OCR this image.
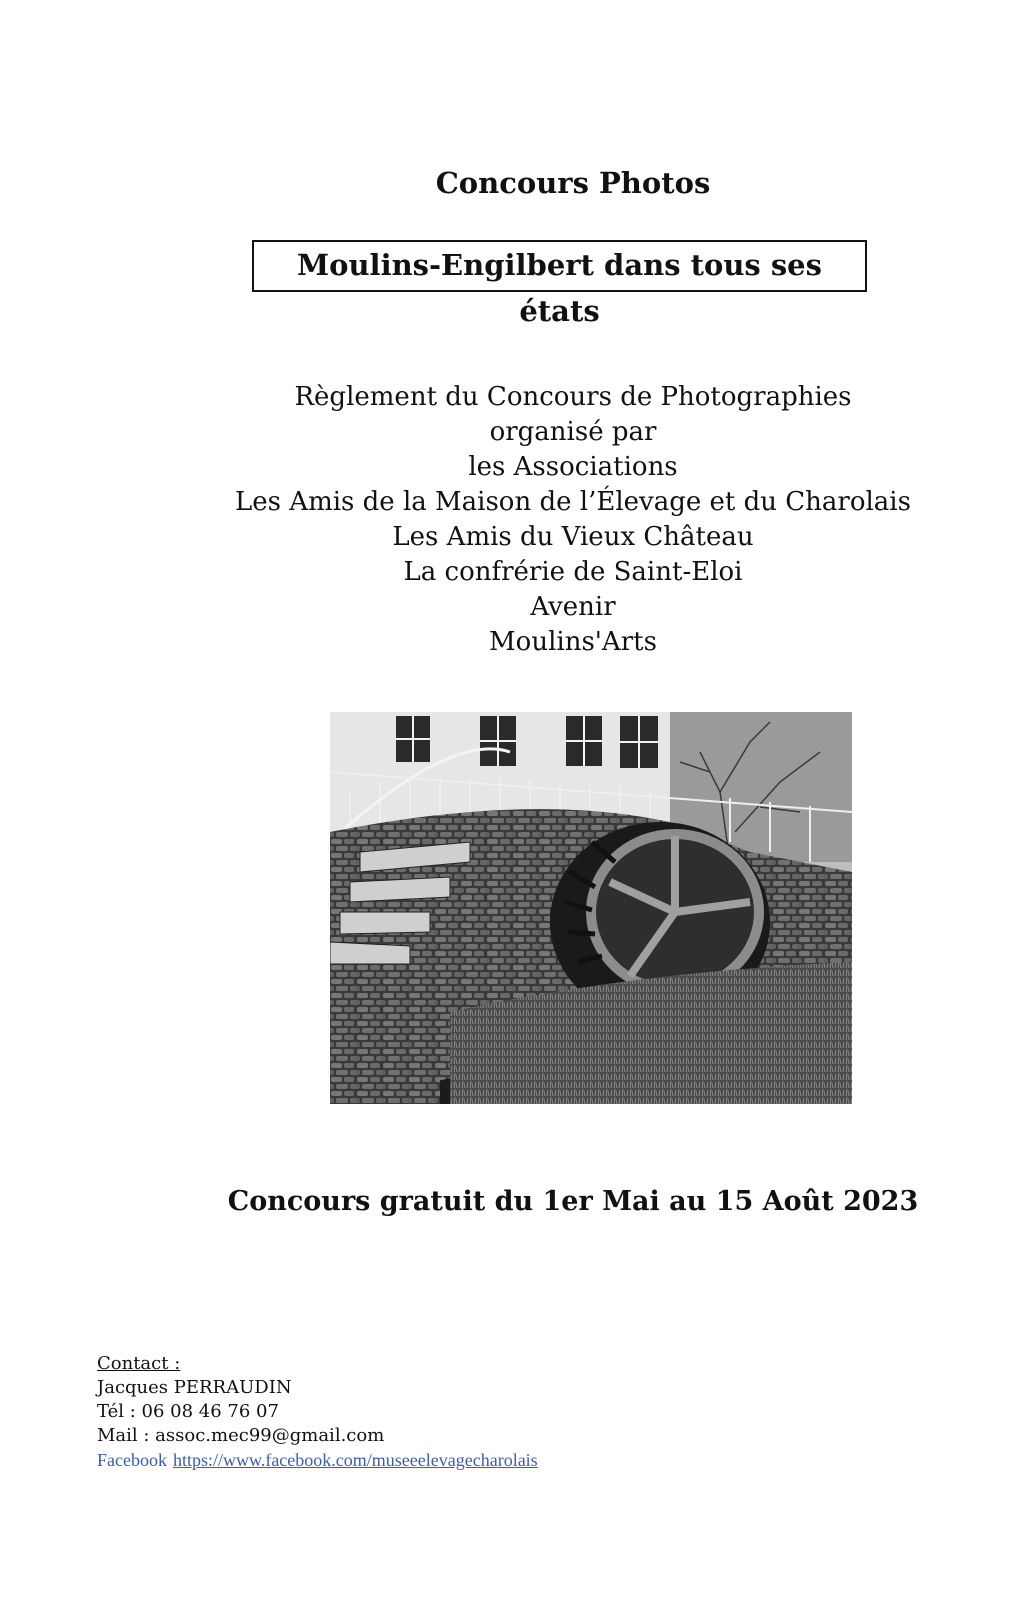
Concours Photos
Moulins-Engilbert dans tous ses états
Règlement du Concours de Photographies
organisé par
les Associations
Les Amis de la Maison de l’Élevage et du Charolais
Les Amis du Vieux Château
La confrérie de Saint-Eloi
Avenir
Moulins'Arts
Concours gratuit du 1er Mai au 15 Août 2023
Contact :
Jacques PERRAUDIN
Tél : 06 08 46 76 07
Mail : assoc.mec99@gmail.com
Facebook https://www.facebook.com/museeelevagecharolais
